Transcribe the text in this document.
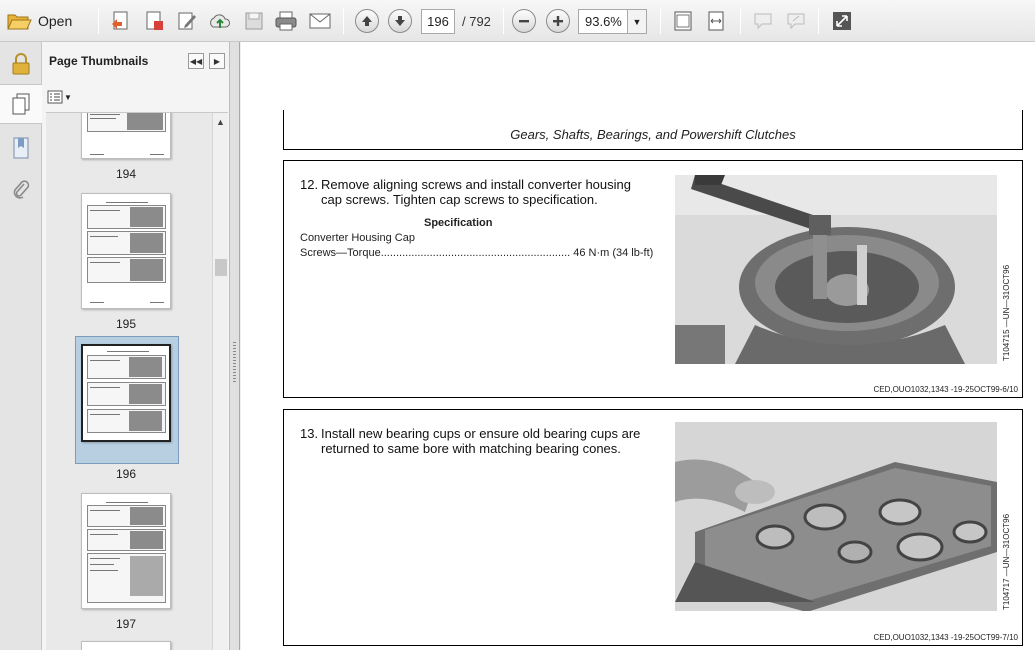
Open	196	/ 792	93.6%	▼
Page Thumbnails	◀◀ ▶
▼
194
195
196
197
▲
Gears, Shafts, Bearings, and Powershift Clutches
12. Remove aligning screws and install converter housing cap screws. Tighten cap screws to specification.
Specification
Converter Housing Cap
Screws—Torque.............................................................. 46 N·m (34 lb-ft)
T104715 —UN—31OCT96
CED,OUO1032,1343 -19-25OCT99-6/10
13. Install new bearing cups or ensure old bearing cups are returned to same bore with matching bearing cones.
T104717 —UN—31OCT96
CED,OUO1032,1343 -19-25OCT99-7/10
